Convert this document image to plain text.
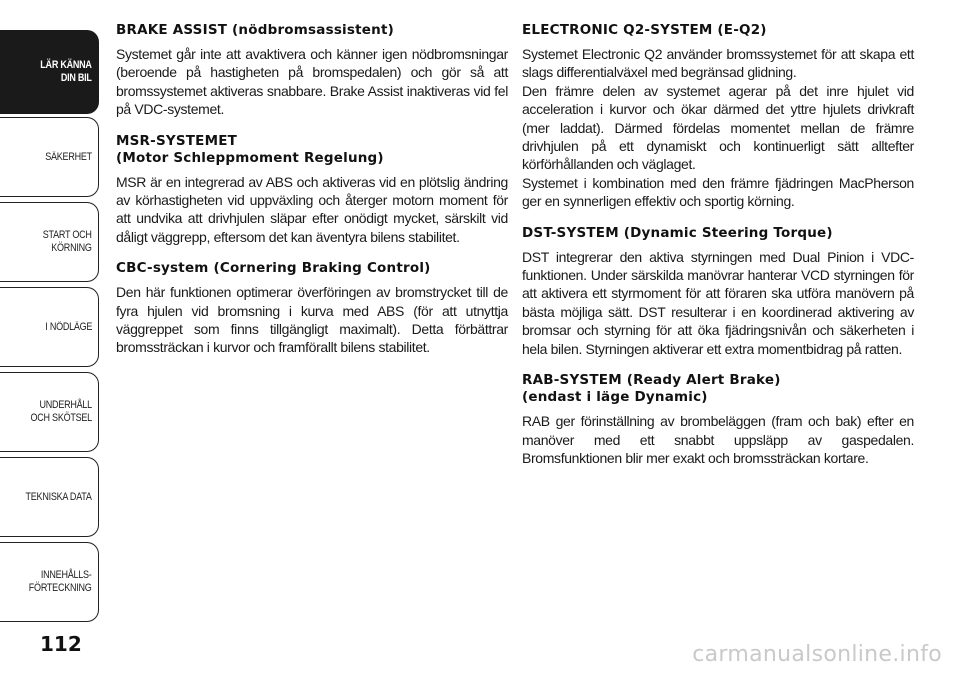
LÄR KÄNNA
DIN BIL
SÄKERHET
START OCH
KÖRNING
I NÖDLÄGE
UNDERHÅLL
OCH SKÖTSEL
TEKNISKA DATA
INNEHÅLLS-
FÖRTECKNING
112
BRAKE ASSIST (nödbromsassistent)

Systemet går inte att avaktivera och känner igen nödbromsningar (beroende på hastigheten på bromspedalen) och gör så att bromssystemet aktiveras snabbare. Brake Assist inaktiveras vid fel på VDC-systemet.

MSR-SYSTEMET
(Motor Schleppmoment Regelung)

MSR är en integrerad av ABS och aktiveras vid en plötslig ändring av körhastigheten vid uppväxling och återger motorn moment för att undvika att drivhjulen släpar efter onödigt mycket, särskilt vid dåligt väggrepp, eftersom det kan äventyra bilens stabilitet.

CBC-system (Cornering Braking Control)

Den här funktionen optimerar överföringen av bromstrycket till de fyra hjulen vid bromsning i kurva med ABS (för att utnyttja väggreppet som finns tillgängligt maximalt). Detta förbättrar bromssträckan i kurvor och framförallt bilens stabilitet.

ELECTRONIC Q2-SYSTEM (E-Q2)

Systemet Electronic Q2 använder bromssystemet för att skapa ett slags differentialväxel med begränsad glidning.

Den främre delen av systemet agerar på det inre hjulet vid acceleration i kurvor och ökar därmed det yttre hjulets drivkraft (mer laddat). Därmed fördelas momentet mellan de främre drivhjulen på ett dynamiskt och kontinuerligt sätt alltefter körförhållanden och väglaget.

Systemet i kombination med den främre fjädringen MacPherson ger en synnerligen effektiv och sportig körning.

DST-SYSTEM (Dynamic Steering Torque)

DST integrerar den aktiva styrningen med Dual Pinion i VDC-funktionen. Under särskilda manövrar hanterar VCD styrningen för att aktivera ett styrmoment för att föraren ska utföra manövern på bästa möjliga sätt. DST resulterar i en koordinerad aktivering av bromsar och styrning för att öka fjädringsnivån och säkerheten i hela bilen. Styrningen aktiverar ett extra momentbidrag på ratten.

RAB-SYSTEM (Ready Alert Brake)
(endast i läge Dynamic)

RAB ger förinställning av brombeläggen (fram och bak) efter en manöver med ett snabbt uppsläpp av gaspedalen. Bromsfunktionen blir mer exakt och bromssträckan kortare.

carmanualsonline.info
